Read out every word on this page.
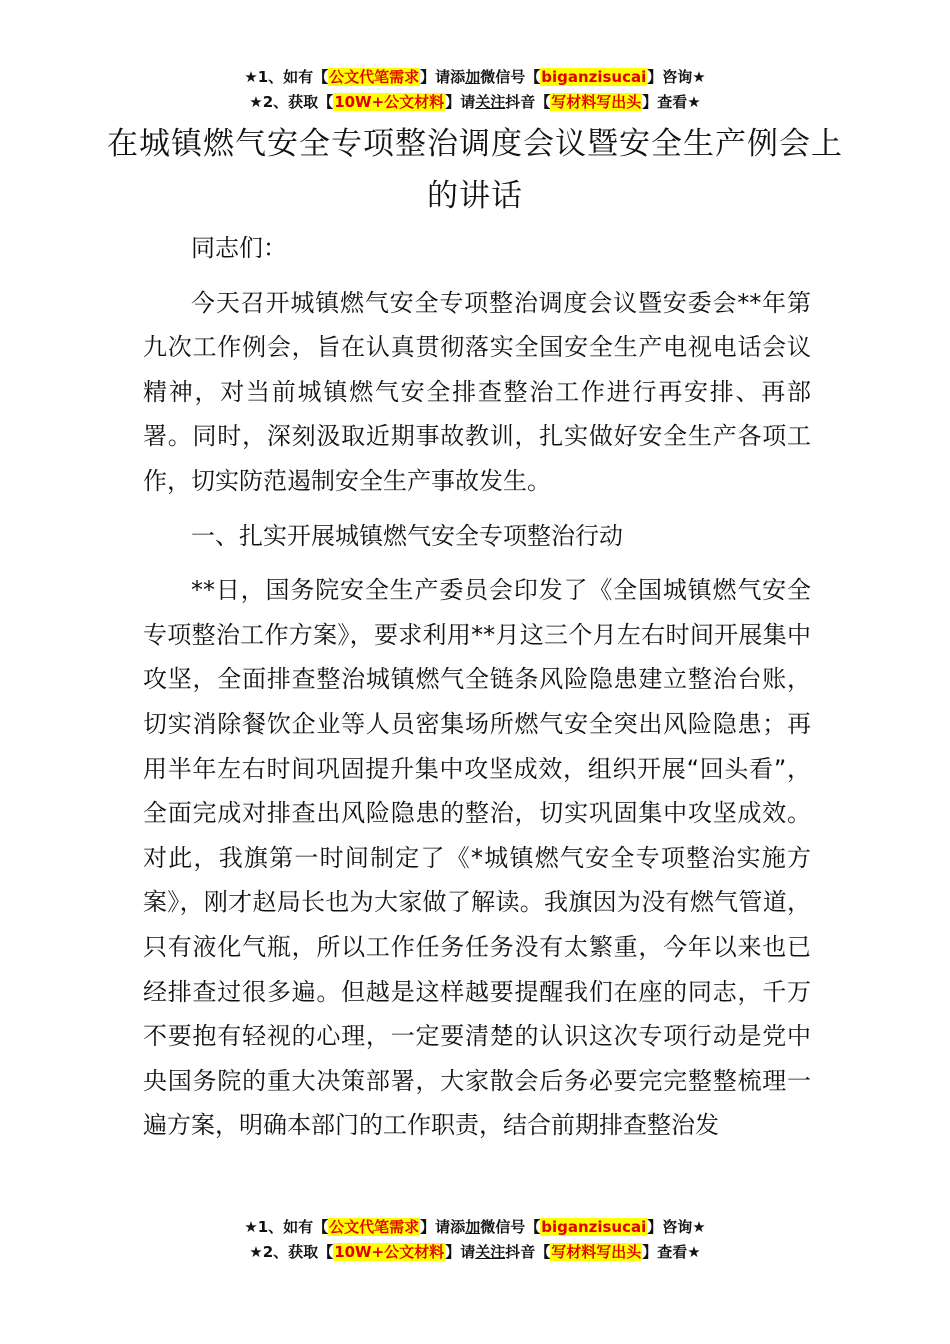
★1、如有【公文代笔需求】请添加微信号【biganzisucai】咨询★
★2、获取【10W+公文材料】请关注抖音【写材料写出头】查看★
在城镇燃气安全专项整治调度会议暨安全生产例会上的讲话

同志们：

今天召开城镇燃气安全专项整治调度会议暨安委会**年第九次工作例会，旨在认真贯彻落实全国安全生产电视电话会议精神，对当前城镇燃气安全排查整治工作进行再安排、再部署。同时，深刻汲取近期事故教训，扎实做好安全生产各项工作，切实防范遏制安全生产事故发生。

一、扎实开展城镇燃气安全专项整治行动

**日，国务院安全生产委员会印发了《全国城镇燃气安全专项整治工作方案》，要求利用**月这三个月左右时间开展集中攻坚，全面排查整治城镇燃气全链条风险隐患建立整治台账，切实消除餐饮企业等人员密集场所燃气安全突出风险隐患；再用半年左右时间巩固提升集中攻坚成效，组织开展“回头看”，全面完成对排查出风险隐患的整治，切实巩固集中攻坚成效。对此，我旗第一时间制定了《*城镇燃气安全专项整治实施方案》，刚才赵局长也为大家做了解读。我旗因为没有燃气管道，只有液化气瓶，所以工作任务任务没有太繁重，今年以来也已经排查过很多遍。但越是这样越要提醒我们在座的同志，千万不要抱有轻视的心理，一定要清楚的认识这次专项行动是党中央国务院的重大决策部署，大家散会后务必要完完整整梳理一遍方案，明确本部门的工作职责，结合前期排查整治发

★1、如有【公文代笔需求】请添加微信号【biganzisucai】咨询★
★2、获取【10W+公文材料】请关注抖音【写材料写出头】查看★
